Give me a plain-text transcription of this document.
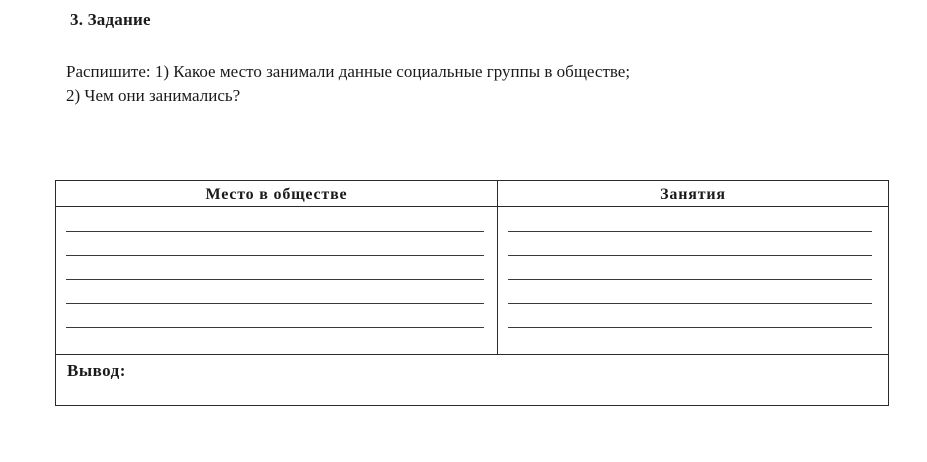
3. Задание
Распишите: 1) Какое место занимали данные социальные группы в обществе;
2) Чем они занимались?
Место в обществе	Занятия
Вывод:
